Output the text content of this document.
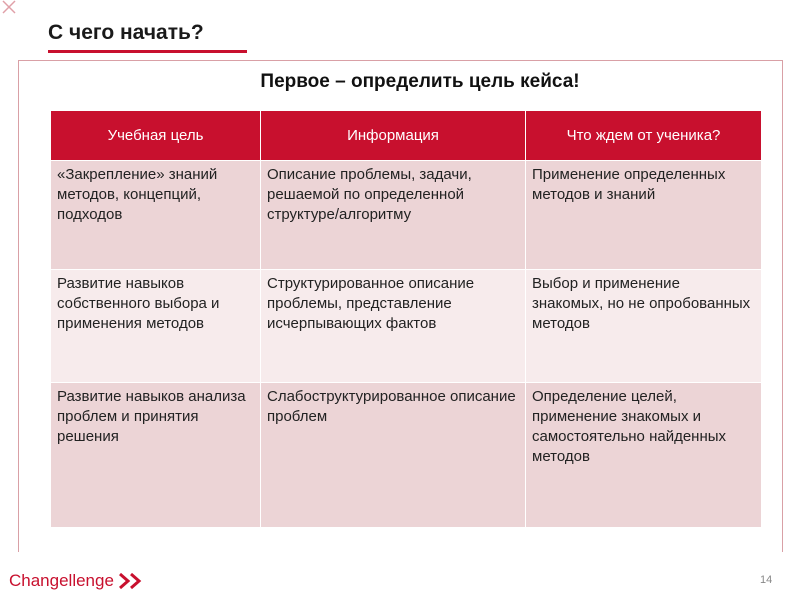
С чего начать?
Первое – определить цель кейса!
Учебная цель	Информация	Что ждем от ученика?
«Закрепление» знаний методов, концепций, подходов	Описание проблемы, задачи, решаемой по определенной структуре/алгоритму	Применение определенных методов и знаний
Развитие навыков собственного выбора и применения методов	Структурированное описание проблемы, представление исчерпывающих фактов	Выбор и применение знакомых, но не опробованных методов
Развитие навыков анализа проблем и принятия решения	Слабоструктурированное описание проблем	Определение целей, применение знакомых и самостоятельно найденных методов
Changellenge	14
